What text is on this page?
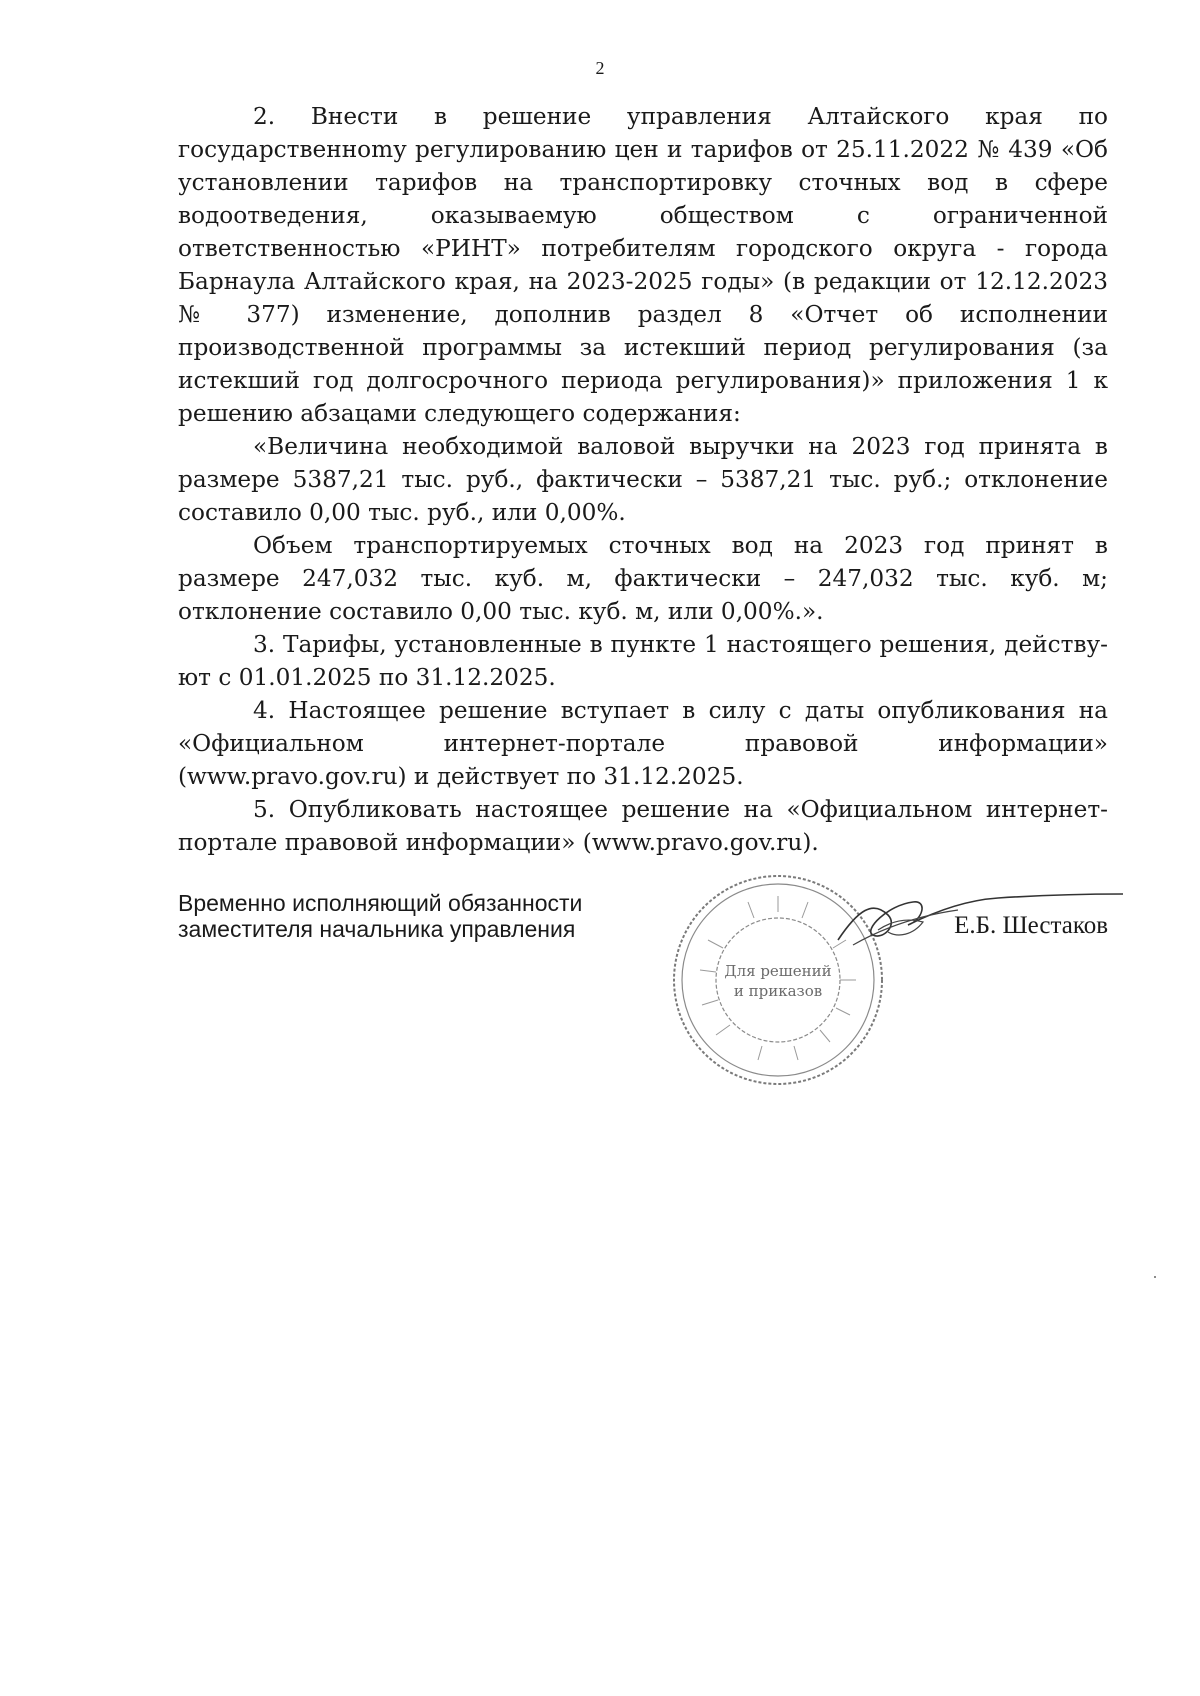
2

2. Внести в решение управления Алтайского края по государственноmу регулированию цен и тарифов от 25.11.2022 № 439 «Об установлении тарифов на транспортировку сточных вод в сфере водоотведения, оказываемую обществом с ограниченной ответственностью «РИНТ» потребителям городского округа - города Барнаула Алтайского края, на 2023-2025 годы» (в редакции от 12.12.2023 № 377) изменение, дополнив раздел 8 «Отчет об исполнении производственной программы за истекший период регулирования (за истекший год долгосрочного периода регулирования)» приложения 1 к решению абзацами следующего содержания:

«Величина необходимой валовой выручки на 2023 год принята в размере 5387,21 тыс. руб., фактически – 5387,21 тыс. руб.; отклонение составило 0,00 тыс. руб., или 0,00%.

Объем транспортируемых сточных вод на 2023 год принят в размере 247,032 тыс. куб. м, фактически – 247,032 тыс. куб. м; отклонение составило 0,00 тыс. куб. м, или 0,00%.».

3. Тарифы, установленные в пункте 1 настоящего решения, действуют с 01.01.2025 по 31.12.2025.

4. Настоящее решение вступает в силу с даты опубликования на «Официальном интернет-портале правовой информации» (www.pravo.gov.ru) и действует по 31.12.2025.

5. Опубликовать настоящее решение на «Официальном интернет-портале правовой информации» (www.pravo.gov.ru).

Временно исполняющий обязанности
заместителя начальника управления
Для решений
и приказов
Е.Б. Шестаков
